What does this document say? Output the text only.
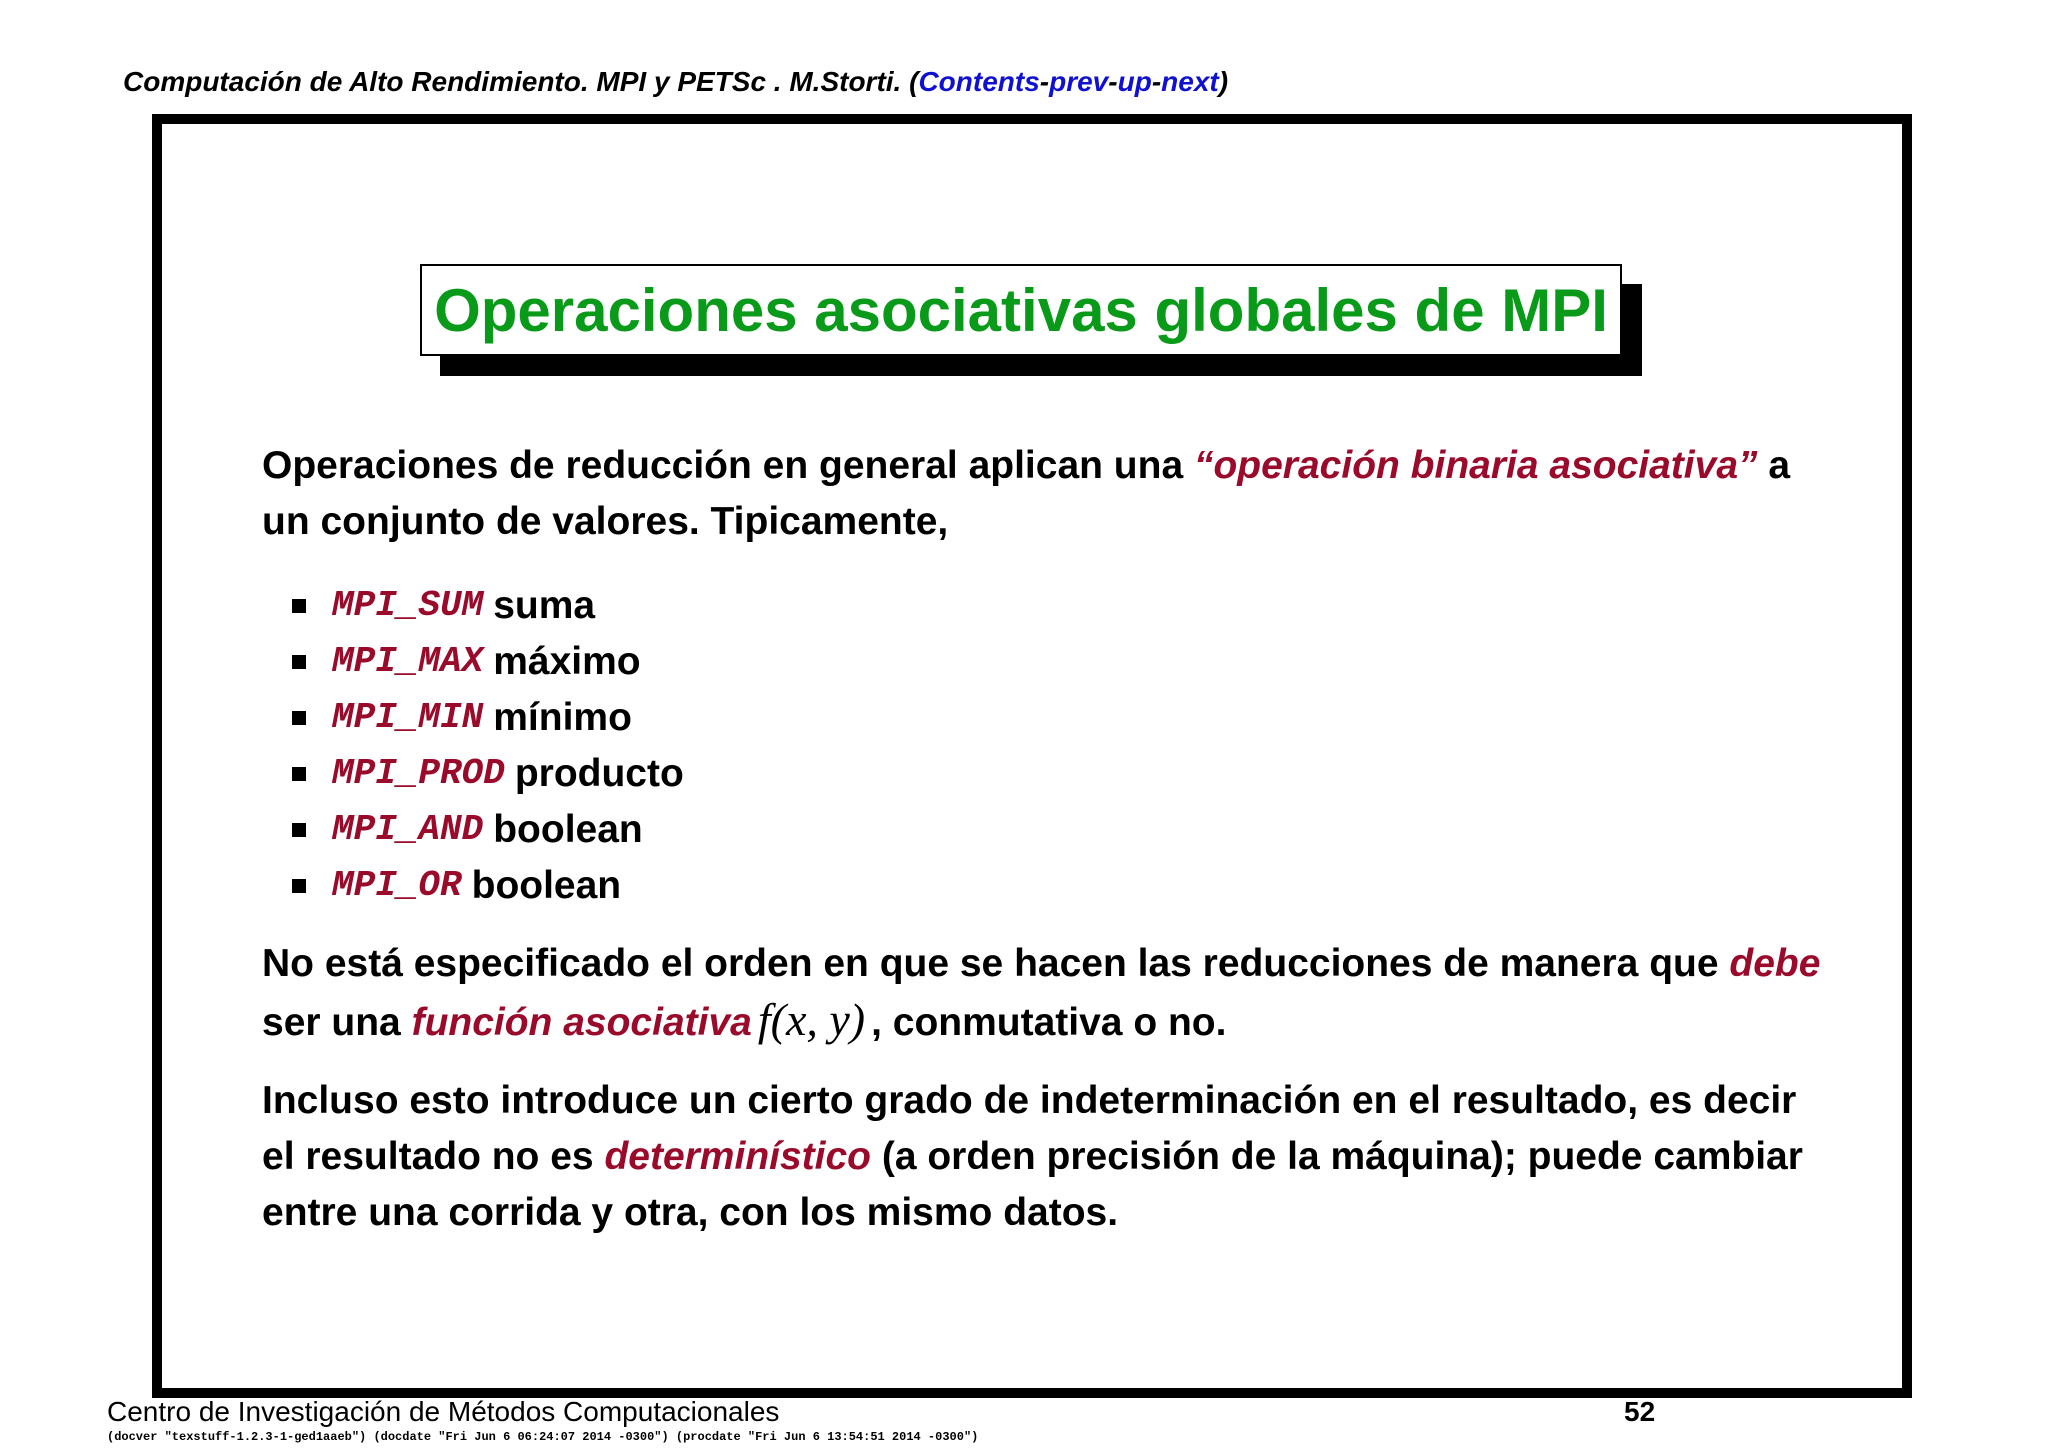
Computación de Alto Rendimiento. MPI y PETSc . M.Storti. (Contents-prev-up-next)
Operaciones asociativas globales de MPI

Operaciones de reducción en general aplican una “operación binaria asociativa” a un conjunto de valores. Tipicamente,

MPI_SUM suma
MPI_MAX máximo
MPI_MIN mínimo
MPI_PROD producto
MPI_AND boolean
MPI_OR boolean

No está especificado el orden en que se hacen las reducciones de manera que debe ser una función asociativa f(x, y) , conmutativa o no.

Incluso esto introduce un cierto grado de indeterminación en el resultado, es decir el resultado no es determinístico (a orden precisión de la máquina); puede cambiar entre una corrida y otra, con los mismo datos.

Centro de Investigación de Métodos Computacionales	52
(docver "texstuff-1.2.3-1-ged1aaeb") (docdate "Fri Jun 6 06:24:07 2014 -0300") (procdate "Fri Jun 6 13:54:51 2014 -0300")
